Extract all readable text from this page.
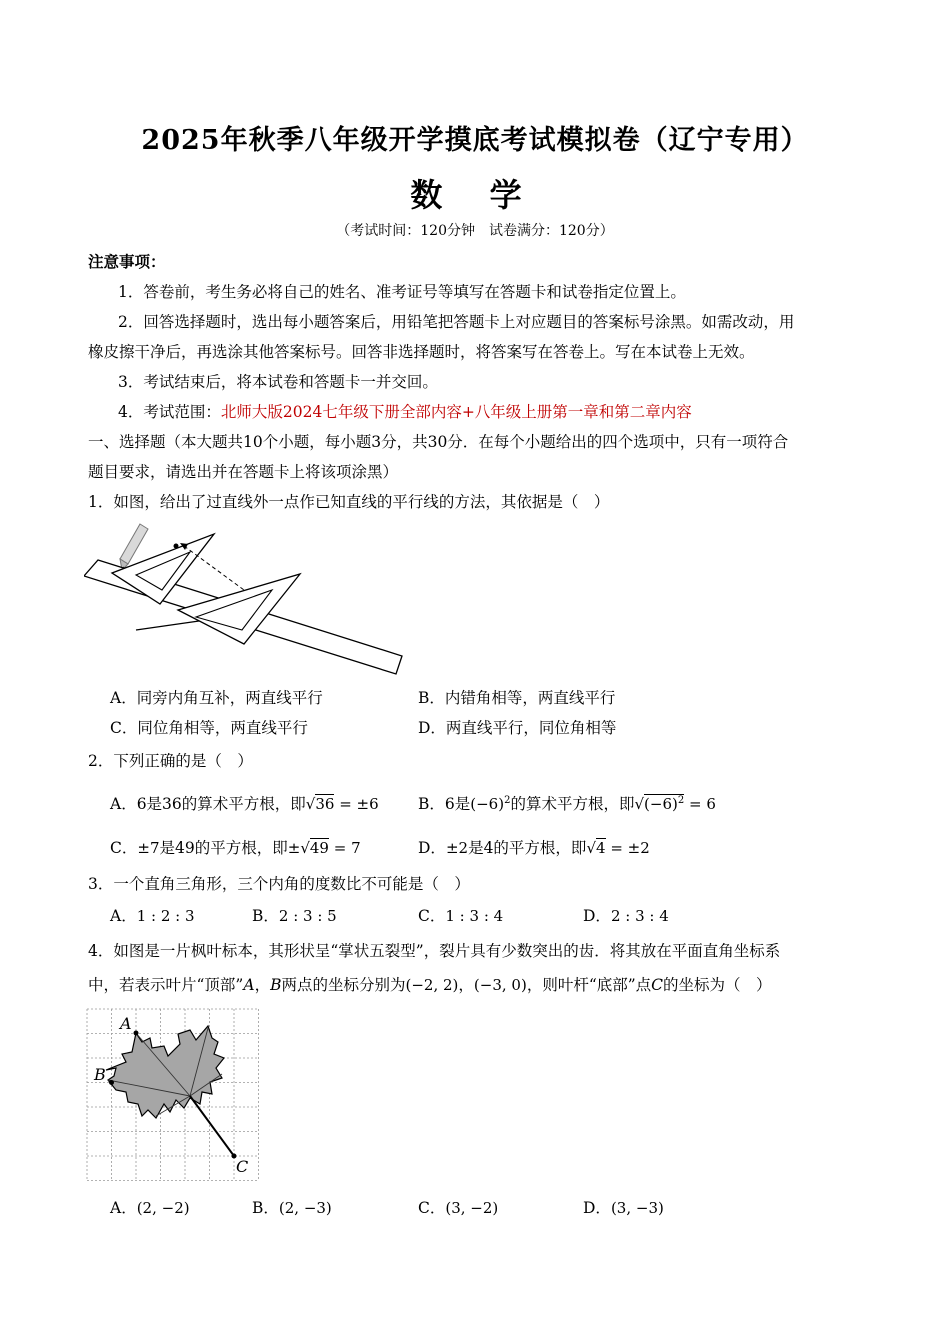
2025年秋季八年级开学摸底考试模拟卷（辽宁专用）
数 学
（考试时间：120分钟　试卷满分：120分）
注意事项：
1．答卷前，考生务必将自己的姓名、准考证号等填写在答题卡和试卷指定位置上。
2．回答选择题时，选出每小题答案后，用铅笔把答题卡上对应题目的答案标号涂黑。如需改动，用
橡皮擦干净后，再选涂其他答案标号。回答非选择题时，将答案写在答卷上。写在本试卷上无效。
3．考试结束后，将本试卷和答题卡一并交回。
4．考试范围：北师大版2024七年级下册全部内容+八年级上册第一章和第二章内容
一、选择题（本大题共10个小题，每小题3分，共30分．在每个小题给出的四个选项中，只有一项符合
题目要求，请选出并在答题卡上将该项涂黑）
1．如图，给出了过直线外一点作已知直线的平行线的方法，其依据是（　）
A．同旁内角互补，两直线平行	B．内错角相等，两直线平行
C．同位角相等，两直线平行	D．两直线平行，同位角相等
2．下列正确的是（　）
A．6是36的算术平方根，即√36 = ±6	B．6是$(-6)^2$的算术平方根，即$√(-6)^2 = 6$
C．±7是49的平方根，即±√49 = 7	D．±2是4的平方根，即√4 = ±2
3．一个直角三角形，三个内角的度数比不可能是（　）
A．1 : 2 : 3	B．2 : 3 : 5	C．1 : 3 : 4	D．2 : 3 : 4
4．如图是一片枫叶标本，其形状呈“掌状五裂型”，裂片具有少数突出的齿．将其放在平面直角坐标系
中，若表示叶片“顶部”A，B两点的坐标分别为(−2, 2)，(−3, 0)，则叶杆“底部”点C的坐标为（　）
A
B
C
A．(2, −2)	B．(2, −3)	C．(3, −2)	D．(3, −3)
